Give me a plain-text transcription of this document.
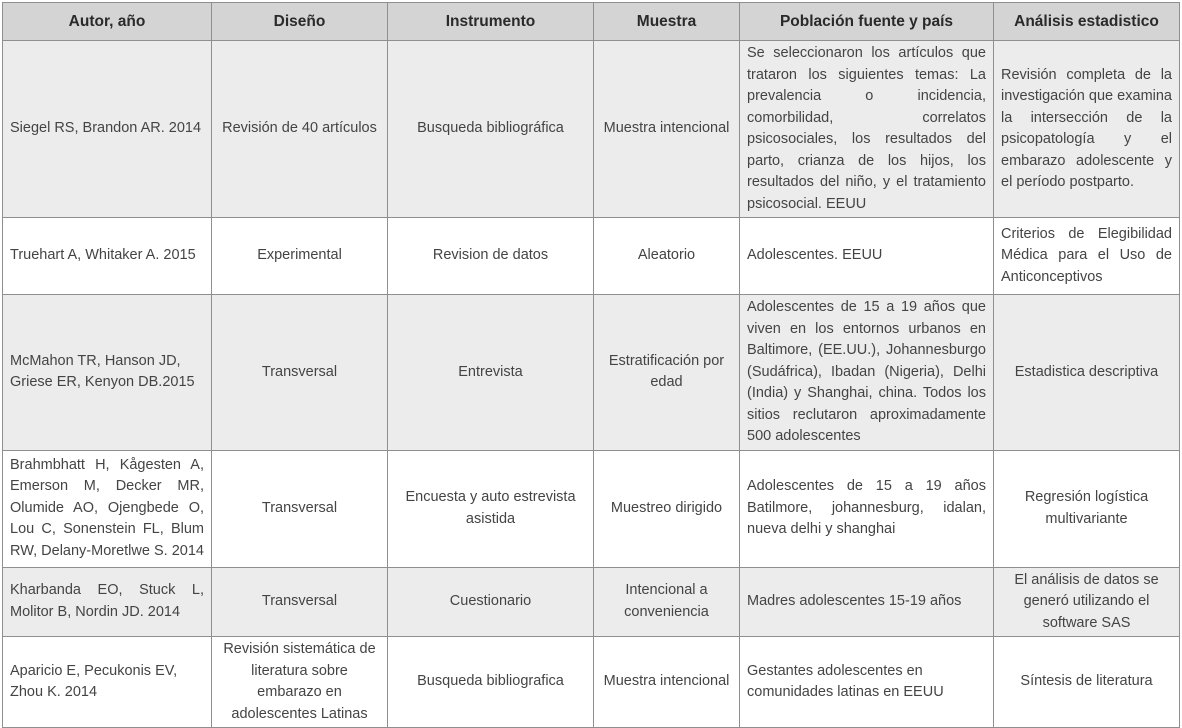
Autor, año	Diseño	Instrumento	Muestra	Población fuente y país	Análisis estadistico
Siegel RS, Brandon AR. 2014	Revisión de 40 artículos	Busqueda bibliográfica	Muestra intencional	Se seleccionaron los artículos que trataron los siguientes temas: La prevalencia o incidencia, comorbilidad, correlatos psicosociales, los resultados del parto, crianza de los hijos, los resultados del niño, y el tratamiento psicosocial. EEUU	Revisión completa de la investigación que examina la intersección de la psicopatología y el embarazo adolescente y el período postparto.
Truehart A, Whitaker A. 2015	Experimental	Revision de datos	Aleatorio	Adolescentes. EEUU	Criterios de Elegibilidad Médica para el Uso de Anticonceptivos
McMahon TR, Hanson JD, Griese ER, Kenyon DB.2015	Transversal	Entrevista	Estratificación por edad	Adolescentes de 15 a 19 años que viven en los entornos urbanos en Baltimore, (EE.UU.), Johannesburgo (Sudáfrica), Ibadan (Nigeria), Delhi (India) y Shanghai, china. Todos los sitios reclutaron aproximadamente 500 adolescentes	Estadistica descriptiva
Brahmbhatt H, Kågesten A, Emerson M, Decker MR, Olumide AO, Ojengbede O, Lou C, Sonenstein FL, Blum RW, Delany-Moretlwe S. 2014	Transversal	Encuesta y auto estrevista asistida	Muestreo dirigido	Adolescentes de 15 a 19 años Batilmore, johannesburg, idalan, nueva delhi y shanghai	Regresión logística multivariante
Kharbanda EO, Stuck L, Molitor B, Nordin JD. 2014	Transversal	Cuestionario	Intencional a conveniencia	Madres adolescentes 15-19 años	El análisis de datos se generó utilizando el software SAS
Aparicio E, Pecukonis EV, Zhou K. 2014	Revisión sistemática de literatura sobre embarazo en adolescentes Latinas	Busqueda bibliografica	Muestra intencional	Gestantes adolescentes en comunidades latinas en EEUU	Síntesis de literatura
